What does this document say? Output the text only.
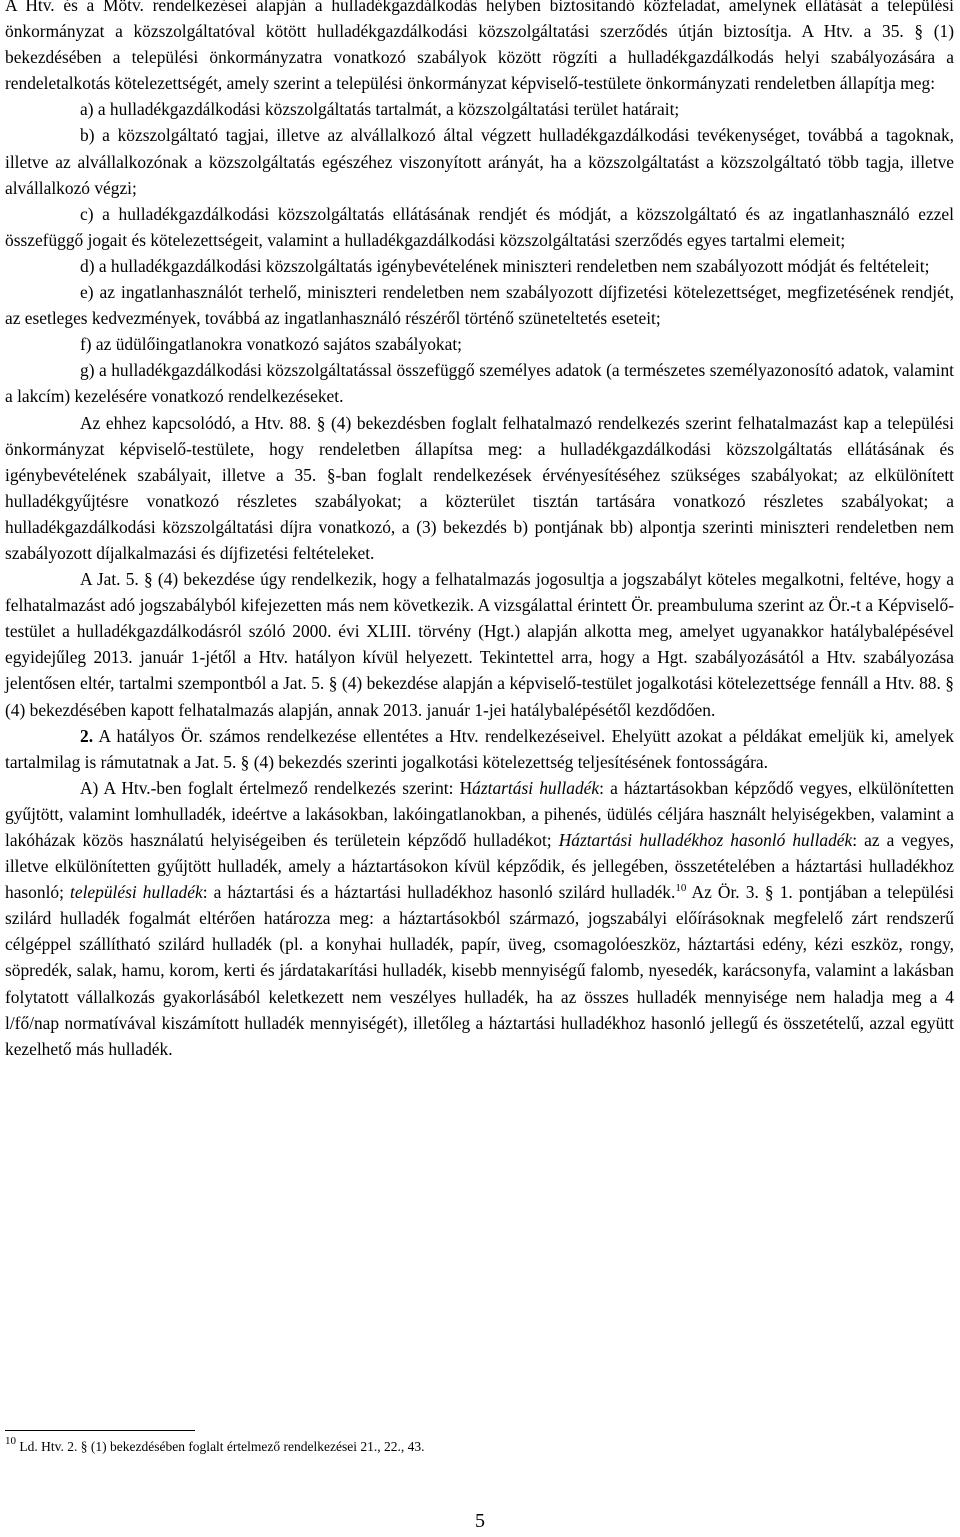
A Htv. és a Mötv. rendelkezései alapján a hulladékgazdálkodás helyben biztosítandó közfeladat, amelynek ellátását a települési önkormányzat a közszolgáltatóval kötött hulladékgazdálkodási közszolgáltatási szerződés útján biztosítja. A Htv. a 35. § (1) bekezdésében a települési önkormányzatra vonatkozó szabályok között rögzíti a hulladékgazdálkodás helyi szabályozására a rendeletalkotás kötelezettségét, amely szerint a települési önkormányzat képviselő-testülete önkormányzati rendeletben állapítja meg:

a) a hulladékgazdálkodási közszolgáltatás tartalmát, a közszolgáltatási terület határait;

b) a közszolgáltató tagjai, illetve az alvállalkozó által végzett hulladékgazdálkodási tevékenységet, továbbá a tagoknak, illetve az alvállalkozónak a közszolgáltatás egészéhez viszonyított arányát, ha a közszolgáltatást a közszolgáltató több tagja, illetve alvállalkozó végzi;

c) a hulladékgazdálkodási közszolgáltatás ellátásának rendjét és módját, a közszolgáltató és az ingatlanhasználó ezzel összefüggő jogait és kötelezettségeit, valamint a hulladékgazdálkodási közszolgáltatási szerződés egyes tartalmi elemeit;

d) a hulladékgazdálkodási közszolgáltatás igénybevételének miniszteri rendeletben nem szabályozott módját és feltételeit;

e) az ingatlanhasználót terhelő, miniszteri rendeletben nem szabályozott díjfizetési kötelezettséget, megfizetésének rendjét, az esetleges kedvezmények, továbbá az ingatlanhasználó részéről történő szüneteltetés eseteit;

f) az üdülőingatlanokra vonatkozó sajátos szabályokat;

g) a hulladékgazdálkodási közszolgáltatással összefüggő személyes adatok (a természetes személyazonosító adatok, valamint a lakcím) kezelésére vonatkozó rendelkezéseket.

Az ehhez kapcsolódó, a Htv. 88. § (4) bekezdésben foglalt felhatalmazó rendelkezés szerint felhatalmazást kap a települési önkormányzat képviselő-testülete, hogy rendeletben állapítsa meg: a hulladékgazdálkodási közszolgáltatás ellátásának és igénybevételének szabályait, illetve a 35. §-ban foglalt rendelkezések érvényesítéséhez szükséges szabályokat; az elkülönített hulladékgyűjtésre vonatkozó részletes szabályokat; a közterület tisztán tartására vonatkozó részletes szabályokat; a hulladékgazdálkodási közszolgáltatási díjra vonatkozó, a (3) bekezdés b) pontjának bb) alpontja szerinti miniszteri rendeletben nem szabályozott díjalkalmazási és díjfizetési feltételeket.

A Jat. 5. § (4) bekezdése úgy rendelkezik, hogy a felhatalmazás jogosultja a jogszabályt köteles megalkotni, feltéve, hogy a felhatalmazást adó jogszabályból kifejezetten más nem következik. A vizsgálattal érintett Ör. preambuluma szerint az Ör.-t a Képviselő-testület a hulladékgazdálkodásról szóló 2000. évi XLIII. törvény (Hgt.) alapján alkotta meg, amelyet ugyanakkor hatálybalépésével egyidejűleg 2013. január 1-jétől a Htv. hatályon kívül helyezett. Tekintettel arra, hogy a Hgt. szabályozásától a Htv. szabályozása jelentősen eltér, tartalmi szempontból a Jat. 5. § (4) bekezdése alapján a képviselő-testület jogalkotási kötelezettsége fennáll a Htv. 88. § (4) bekezdésében kapott felhatalmazás alapján, annak 2013. január 1-jei hatálybalépésétől kezdődően.

2. A hatályos Ör. számos rendelkezése ellentétes a Htv. rendelkezéseivel. Ehelyütt azokat a példákat emeljük ki, amelyek tartalmilag is rámutatnak a Jat. 5. § (4) bekezdés szerinti jogalkotási kötelezettség teljesítésének fontosságára.

A) A Htv.-ben foglalt értelmező rendelkezés szerint: Háztartási hulladék: a háztartásokban képződő vegyes, elkülönítetten gyűjtött, valamint lomhulladék, ideértve a lakásokban, lakóingatlanokban, a pihenés, üdülés céljára használt helyiségekben, valamint a lakóházak közös használatú helyiségeiben és területein képződő hulladékot; Háztartási hulladékhoz hasonló hulladék: az a vegyes, illetve elkülönítetten gyűjtött hulladék, amely a háztartásokon kívül képződik, és jellegében, összetételében a háztartási hulladékhoz hasonló; települési hulladék: a háztartási és a háztartási hulladékhoz hasonló szilárd hulladék.$^{10}$ Az Ör. 3. § 1. pontjában a települési szilárd hulladék fogalmát eltérően határozza meg: a háztartásokból származó, jogszabályi előírásoknak megfelelő zárt rendszerű célgéppel szállítható szilárd hulladék (pl. a konyhai hulladék, papír, üveg, csomagolóeszköz, háztartási edény, kézi eszköz, rongy, söpredék, salak, hamu, korom, kerti és járdatakarítási hulladék, kisebb mennyiségű falomb, nyesedék, karácsonyfa, valamint a lakásban folytatott vállalkozás gyakorlásából keletkezett nem veszélyes hulladék, ha az összes hulladék mennyisége nem haladja meg a 4 l/fő/nap normatívával kiszámított hulladék mennyiségét), illetőleg a háztartási hulladékhoz hasonló jellegű és összetételű, azzal együtt kezelhető más hulladék.

$^{10}$ Ld. Htv. 2. § (1) bekezdésében foglalt értelmező rendelkezései 21., 22., 43.
5
